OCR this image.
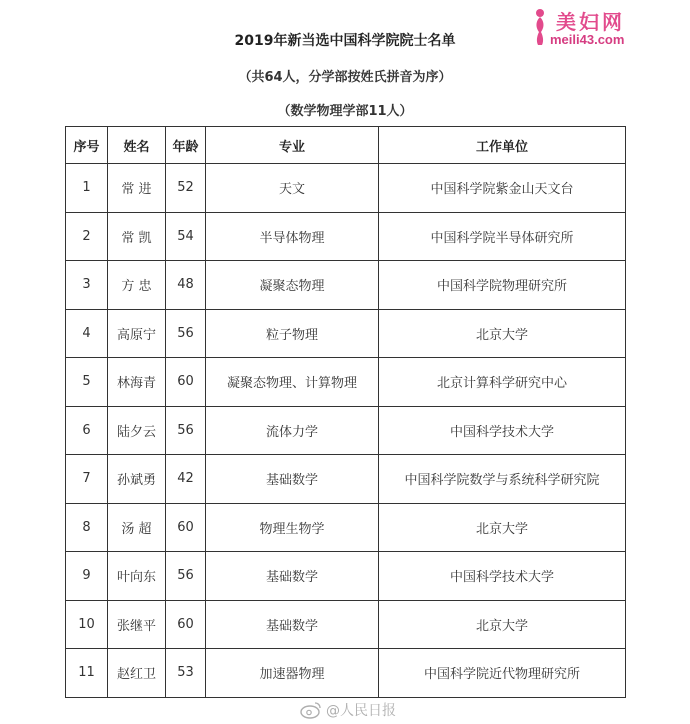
2019年新当选中国科学院院士名单
（共64人，分学部按姓氏拼音为序）
（数学物理学部11人）
美妇网
meili43.com
序号	姓名	年龄	专业	工作单位
1	常 进	52	天文	中国科学院紫金山天文台
2	常 凯	54	半导体物理	中国科学院半导体研究所
3	方 忠	48	凝聚态物理	中国科学院物理研究所
4	高原宁	56	粒子物理	北京大学
5	林海青	60	凝聚态物理、计算物理	北京计算科学研究中心
6	陆夕云	56	流体力学	中国科学技术大学
7	孙斌勇	42	基础数学	中国科学院数学与系统科学研究院
8	汤 超	60	物理生物学	北京大学
9	叶向东	56	基础数学	中国科学技术大学
10	张继平	60	基础数学	北京大学
11	赵红卫	53	加速器物理	中国科学院近代物理研究所
@人民日报
